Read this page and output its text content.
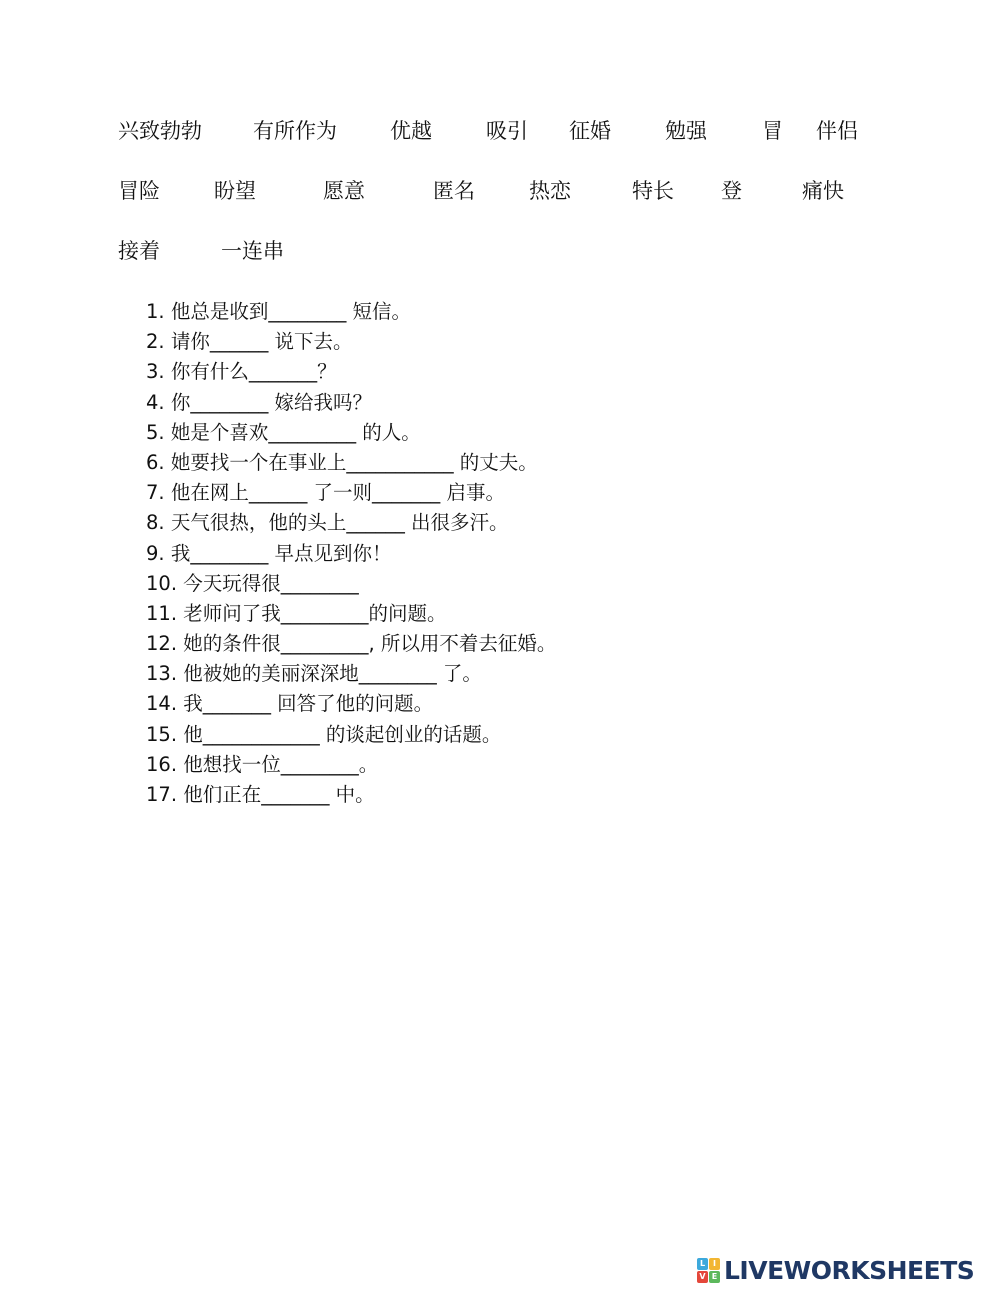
兴致勃勃 有所作为	优越	吸引 征婚	勉强	冒 伴侣
冒险	盼望	愿意	匿名	热恋	特长 登	痛快
接着	一连串
1. 他总是收到________ 短信。
2. 请你______ 说下去。
3. 你有什么_______？
4. 你________ 嫁给我吗？
5. 她是个喜欢_________ 的人。
6. 她要找一个在事业上___________ 的丈夫。
7. 他在网上______ 了一则_______ 启事。
8. 天气很热，他的头上______ 出很多汗。
9. 我________ 早点见到你！
10. 今天玩得很________
11. 老师问了我_________的问题。
12. 她的条件很_________, 所以用不着去征婚。
13. 他被她的美丽深深地________ 了。
14. 我_______ 回答了他的问题。
15. 他____________ 的谈起创业的话题。
16. 他想找一位________。
17. 他们正在_______ 中。
L I
V E LIVEWORKSHEETS
